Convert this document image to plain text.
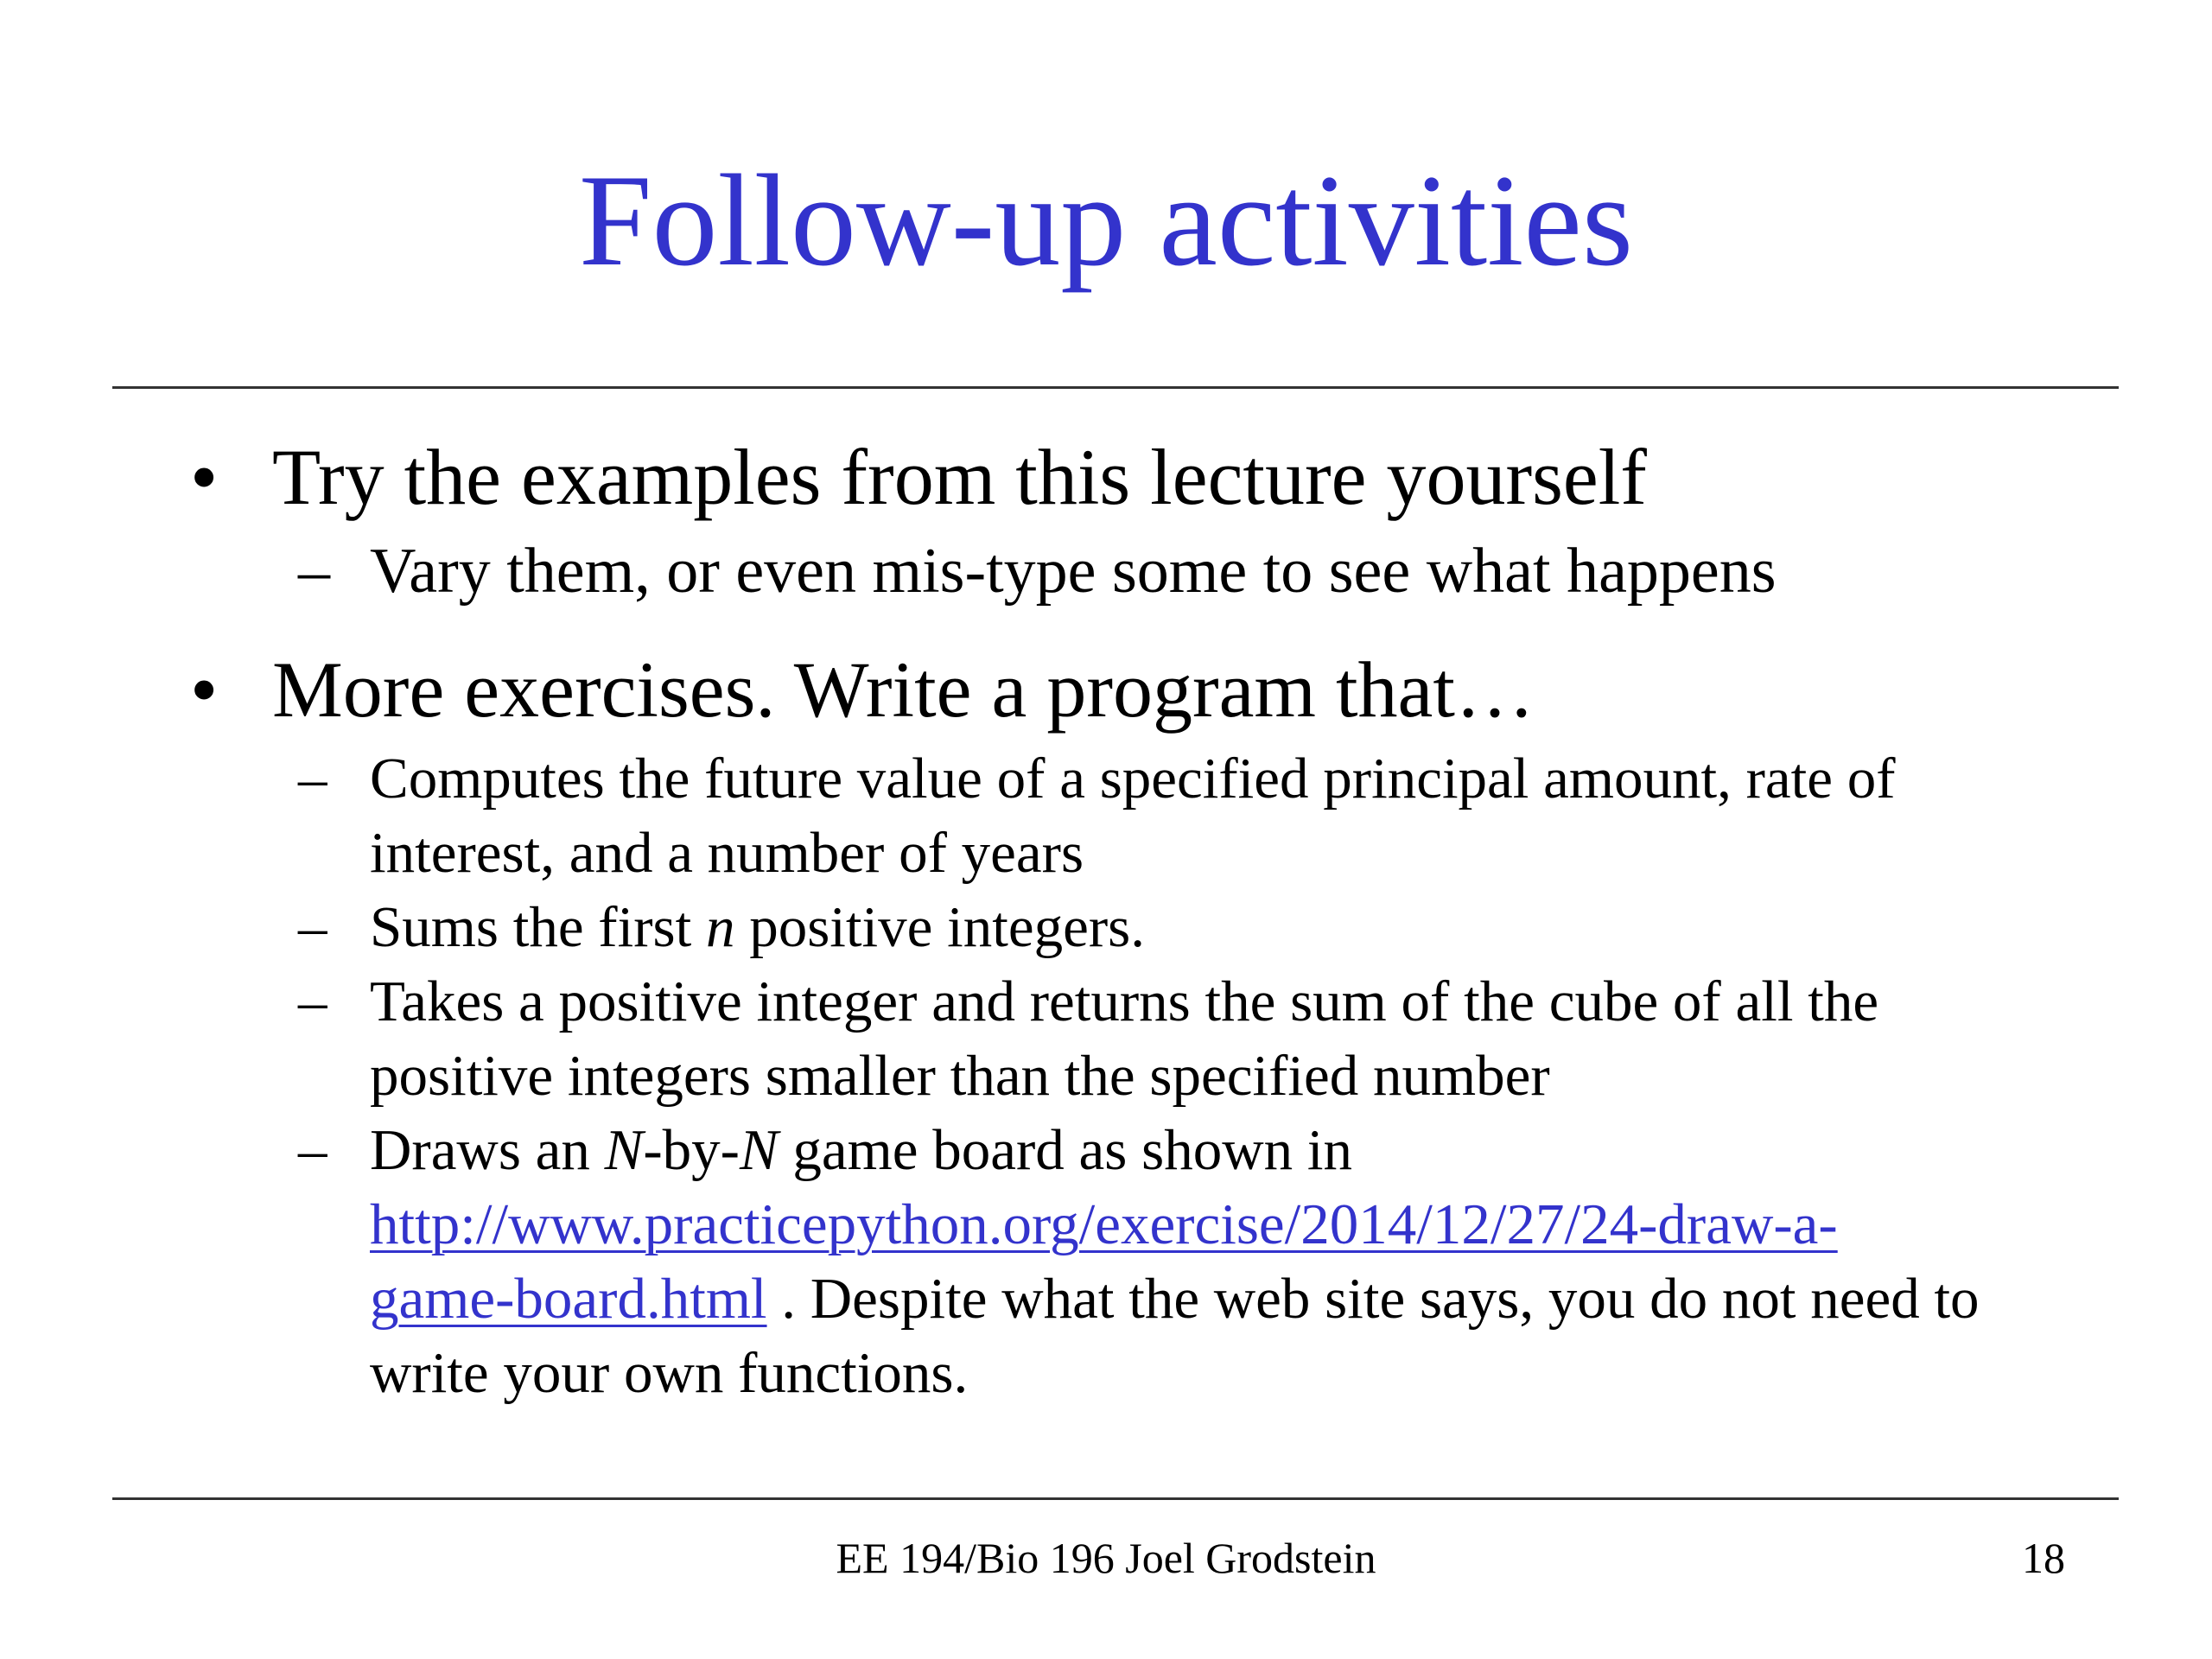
Follow-up activities
• Try the examples from this lecture yourself
– Vary them, or even mis-type some to see what happens
• More exercises. Write a program that…
– Computes the future value of a specified principal amount, rate of interest, and a number of years
– Sums the first n positive integers.
– Takes a positive integer and returns the sum of the cube of all the positive integers smaller than the specified number
– Draws an N-by-N game board as shown in
http://www.practicepython.org/exercise/2014/12/27/24-draw-a-
game-board.html . Despite what the web site says, you do not need to write your own functions.
EE 194/Bio 196 Joel Grodstein	18
